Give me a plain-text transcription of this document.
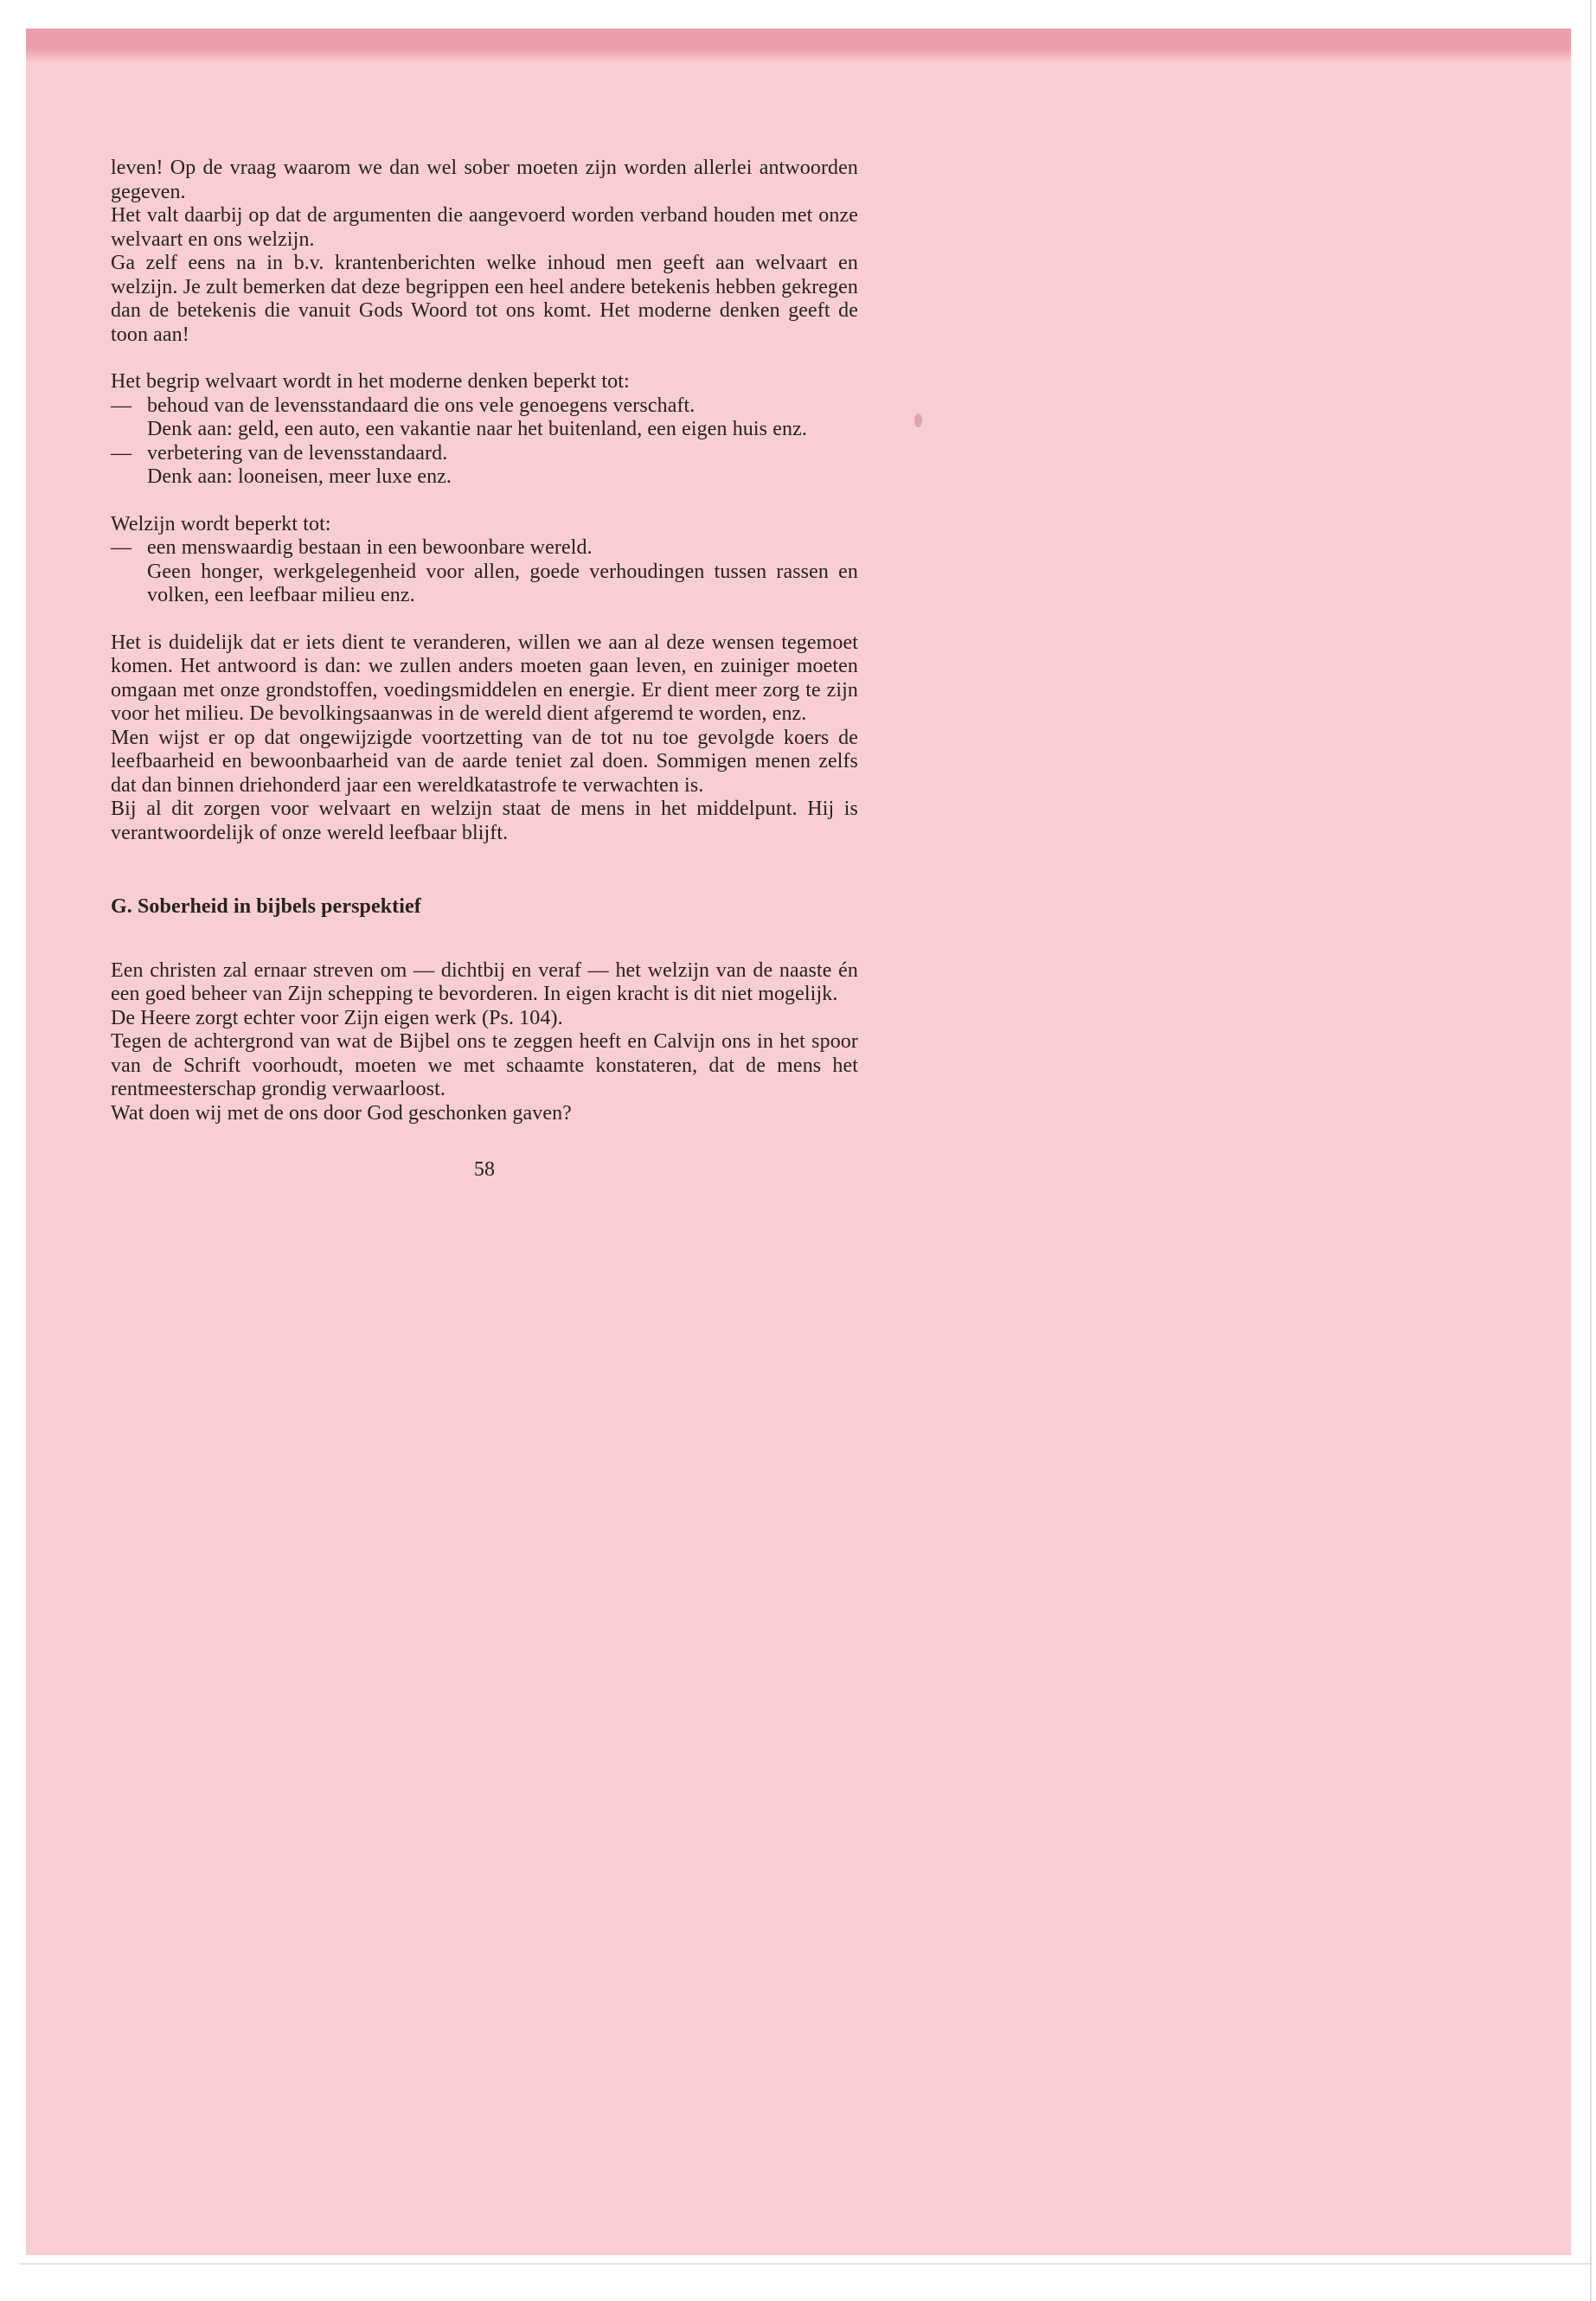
leven! Op de vraag waarom we dan wel sober moeten zijn worden allerlei antwoorden gegeven.

Het valt daarbij op dat de argumenten die aangevoerd worden verband houden met onze welvaart en ons welzijn.

Ga zelf eens na in b.v. krantenberichten welke inhoud men geeft aan welvaart en welzijn. Je zult bemerken dat deze begrippen een heel andere betekenis hebben gekregen dan de betekenis die vanuit Gods Woord tot ons komt. Het moderne denken geeft de toon aan!

Het begrip welvaart wordt in het moderne denken beperkt tot:

— behoud van de levensstandaard die ons vele genoegens verschaft.

Denk aan: geld, een auto, een vakantie naar het buitenland, een eigen huis enz.

— verbetering van de levensstandaard.

Denk aan: looneisen, meer luxe enz.

Welzijn wordt beperkt tot:

— een menswaardig bestaan in een bewoonbare wereld.

Geen honger, werkgelegenheid voor allen, goede verhoudingen tussen rassen en volken, een leefbaar milieu enz.

Het is duidelijk dat er iets dient te veranderen, willen we aan al deze wensen tegemoet komen. Het antwoord is dan: we zullen anders moeten gaan leven, en zuiniger moeten omgaan met onze grondstoffen, voedingsmiddelen en energie. Er dient meer zorg te zijn voor het milieu. De bevolkingsaanwas in de wereld dient afgeremd te worden, enz.

Men wijst er op dat ongewijzigde voortzetting van de tot nu toe gevolgde koers de leefbaarheid en bewoonbaarheid van de aarde teniet zal doen. Sommigen menen zelfs dat dan binnen driehonderd jaar een wereldkatastrofe te verwachten is.

Bij al dit zorgen voor welvaart en welzijn staat de mens in het middelpunt. Hij is verantwoordelijk of onze wereld leefbaar blijft.

G. Soberheid in bijbels perspektief

Een christen zal ernaar streven om — dichtbij en veraf — het welzijn van de naaste én een goed beheer van Zijn schepping te bevorderen. In eigen kracht is dit niet mogelijk.

De Heere zorgt echter voor Zijn eigen werk (Ps. 104).

Tegen de achtergrond van wat de Bijbel ons te zeggen heeft en Calvijn ons in het spoor van de Schrift voorhoudt, moeten we met schaamte konstateren, dat de mens het rentmeesterschap grondig verwaarloost.

Wat doen wij met de ons door God geschonken gaven?

58
